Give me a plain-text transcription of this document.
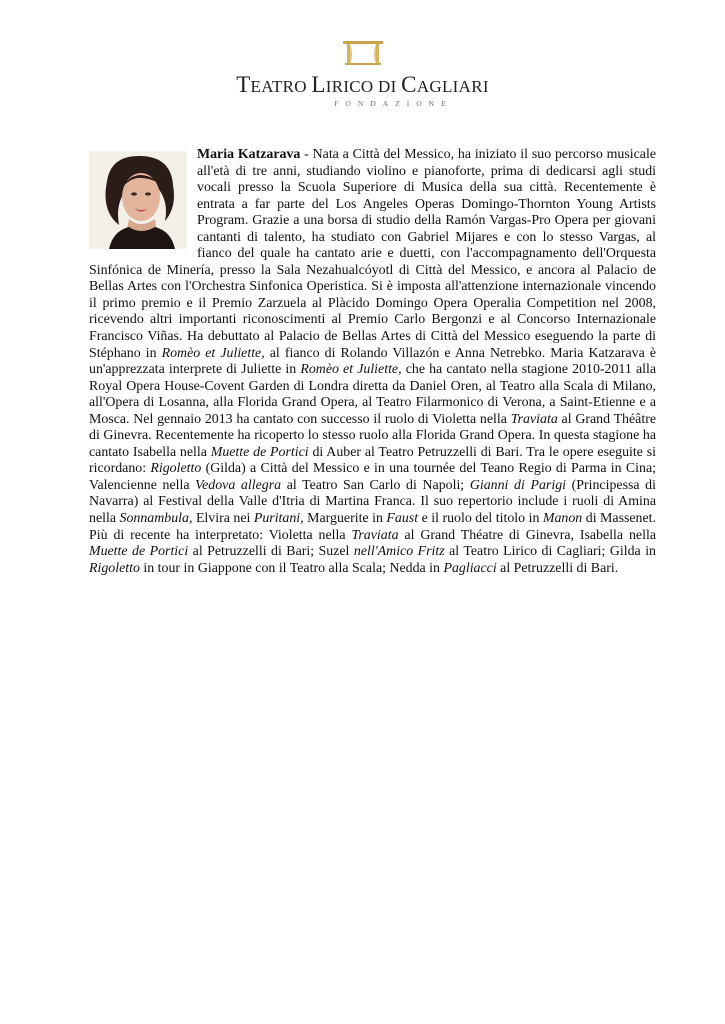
TEATRO LIRICO DI CAGLIARI
FONDAZIONE
Maria Katzarava - Nata a Città del Messico, ha iniziato il suo percorso musicale all'età di tre anni, studiando violino e pianoforte, prima di dedicarsi agli studi vocali presso la Scuola Superiore di Musica della sua città. Recentemente è entrata a far parte del Los Angeles Operas Domingo-Thornton Young Artists Program. Grazie a una borsa di studio della Ramón Vargas-Pro Opera per giovani cantanti di talento, ha studiato con Gabriel Mijares e con lo stesso Vargas, al fianco del quale ha cantato arie e duetti, con l'accompagnamento dell'Orquesta Sinfónica de Minería, presso la Sala Nezahualcóyotl di Città del Messico, e ancora al Palacio de Bellas Artes con l'Orchestra Sinfonica Operistica. Si è imposta all'attenzione internazionale vincendo il primo premio e il Premio Zarzuela al Plàcido Domingo Opera Operalia Competition nel 2008, ricevendo altri importanti riconoscimenti al Premio Carlo Bergonzi e al Concorso Internazionale Francisco Viñas. Ha debuttato al Palacio de Bellas Artes di Città del Messico eseguendo la parte di Stéphano in Romèo et Juliette, al fianco di Rolando Villazón e Anna Netrebko. Maria Katzarava è un'apprezzata interprete di Juliette in Romèo et Juliette, che ha cantato nella stagione 2010-2011 alla Royal Opera House-Covent Garden di Londra diretta da Daniel Oren, al Teatro alla Scala di Milano, all'Opera di Losanna, alla Florida Grand Opera, al Teatro Filarmonico di Verona, a Saint-Etienne e a Mosca. Nel gennaio 2013 ha cantato con successo il ruolo di Violetta nella Traviata al Grand Théâtre di Ginevra. Recentemente ha ricoperto lo stesso ruolo alla Florida Grand Opera. In questa stagione ha cantato Isabella nella Muette de Portici di Auber al Teatro Petruzzelli di Bari. Tra le opere eseguite si ricordano: Rigoletto (Gilda) a Città del Messico e in una tournée del Teano Regio di Parma in Cina; Valencienne nella Vedova allegra al Teatro San Carlo di Napoli; Gianni di Parigi (Principessa di Navarra) al Festival della Valle d'Itria di Martina Franca. Il suo repertorio include i ruoli di Amina nella Sonnambula, Elvira nei Puritani, Marguerite in Faust e il ruolo del titolo in Manon di Massenet. Più di recente ha interpretato: Violetta nella Traviata al Grand Théatre di Ginevra, Isabella nella Muette de Portici al Petruzzelli di Bari; Suzel nell'Amico Fritz al Teatro Lirico di Cagliari; Gilda in Rigoletto in tour in Giappone con il Teatro alla Scala; Nedda in Pagliacci al Petruzzelli di Bari.
